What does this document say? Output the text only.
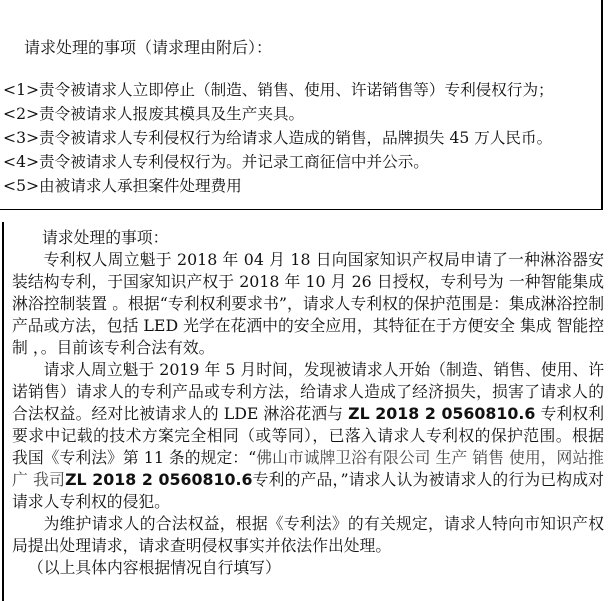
请求处理的事项（请求理由附后）：
<1>责令被请求人立即停止（制造、销售、使用、许诺销售等）专利侵权行为；
<2>责令被请求人报废其模具及生产夹具。
<3>责令被请求人专利侵权行为给请求人造成的销售，品牌损失 45 万人民币。
<4>责令被请求人专利侵权行为。并记录工商征信中并公示。
<5>由被请求人承担案件处理费用
请求处理的事项：

专利权人周立魁于 2018 年 04 月 18 日向国家知识产权局申请了一种淋浴器安装结构专利，于国家知识产权于 2018 年 10 月 26 日授权，专利号为 一种智能集成淋浴控制装置 。根据“专利权利要求书”，请求人专利权的保护范围是：集成淋浴控制 产品或方法，包括 LED 光学在花洒中的安全应用，其特征在于方便安全 集成 智能控制 ，。目前该专利合法有效。

请求人周立魁于 2019 年 5 月时间，发现被请求人开始（制造、销售、使用、许诺销售）请求人的专利产品或专利方法，给请求人造成了经济损失，损害了请求人的合法权益。经对比被请求人的 LDE 淋浴花洒与 ZL 2018 2 0560810.6 专利权利要求中记载的技术方案完全相同（或等同），已落入请求人专利权的保护范围。根据我国《专利法》第 11 条的规定：“佛山市诚牌卫浴有限公司 生产 销售 使用，网站推广 我司ZL 2018 2 0560810.6专利的产品，”请求人认为被请求人的行为已构成对请求人专利权的侵犯。

为维护请求人的合法权益，根据《专利法》的有关规定，请求人特向市知识产权局提出处理请求，请求查明侵权事实并依法作出处理。

（以上具体内容根据情况自行填写）
